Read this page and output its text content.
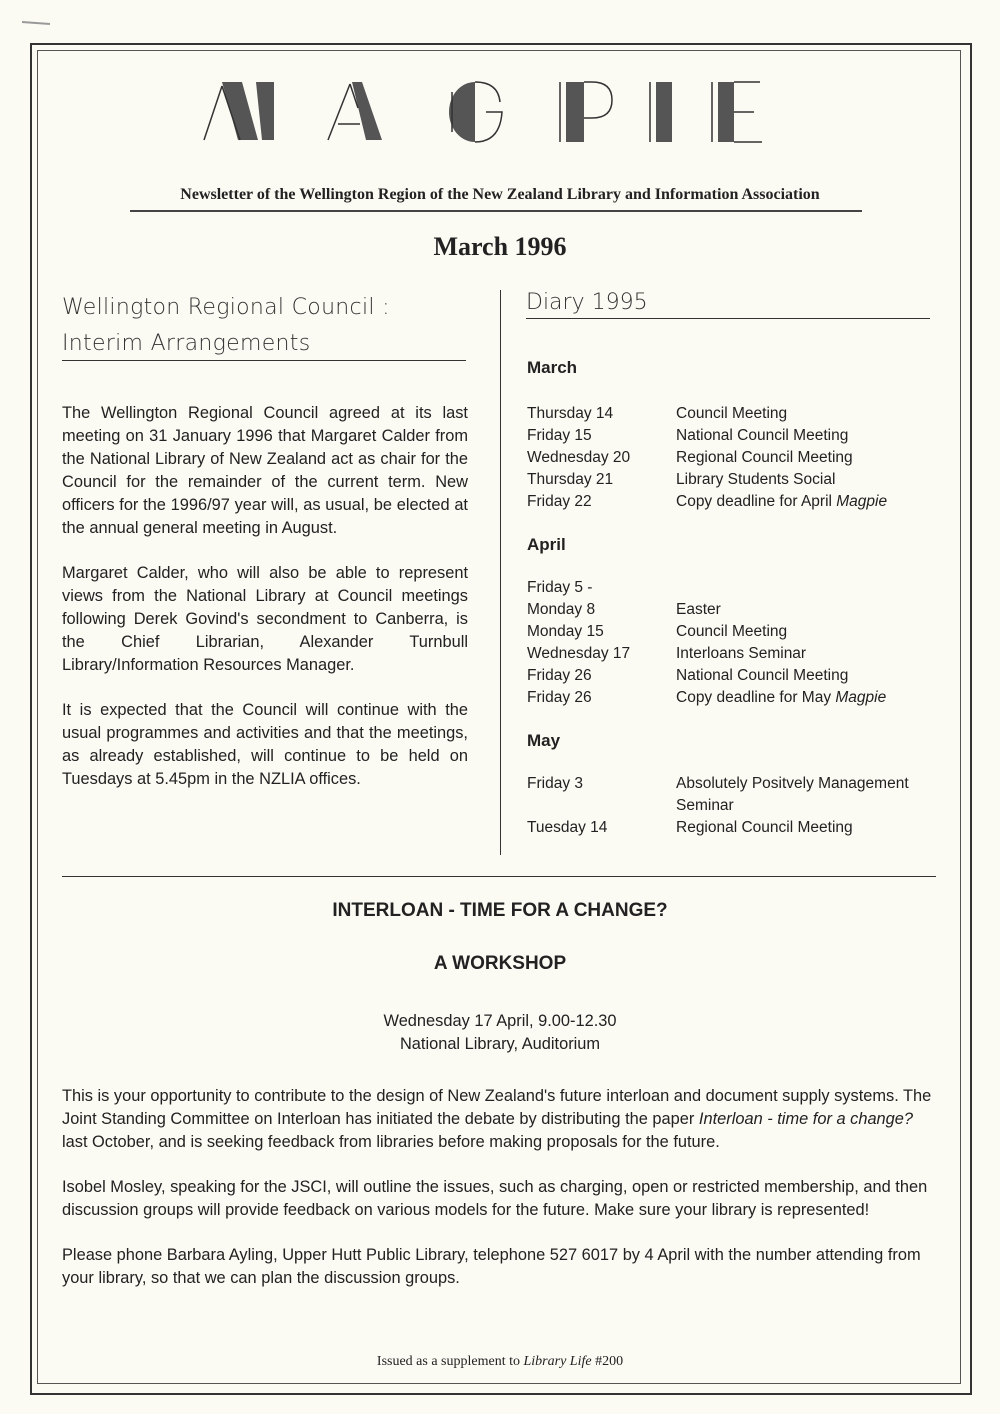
Newsletter of the Wellington Region of the New Zealand Library and Information Association
March 1996
Wellington Regional Council :
Interim Arrangements

The Wellington Regional Council agreed at its last meeting on 31 January 1996 that Margaret Calder from the National Library of New Zealand act as chair for the Council for the remainder of the current term. New officers for the 1996/97 year will, as usual, be elected at the annual general meeting in August.

Margaret Calder, who will also be able to represent views from the National Library at Council meetings following Derek Govind's secondment to Canberra, is the Chief Librarian, Alexander Turnbull Library/Information Resources Manager.

It is expected that the Council will continue with the usual programmes and activities and that the meetings, as already established, will continue to be held on Tuesdays at 5.45pm in the NZLIA offices.

Diary 1995
March
Thursday 14	Council Meeting
Friday 15	National Council Meeting
Wednesday 20	Regional Council Meeting
Thursday 21	Library Students Social
Friday 22	Copy deadline for April Magpie
April
Friday 5 -
Monday 8	Easter
Monday 15	Council Meeting
Wednesday 17	Interloans Seminar
Friday 26	National Council Meeting
Friday 26	Copy deadline for May Magpie
May
Friday 3	Absolutely Positvely Management Seminar
Tuesday 14	Regional Council Meeting
INTERLOAN - TIME FOR A CHANGE?
A WORKSHOP
Wednesday 17 April, 9.00-12.30
National Library, Auditorium

This is your opportunity to contribute to the design of New Zealand's future interloan and document supply systems. The Joint Standing Committee on Interloan has initiated the debate by distributing the paper Interloan - time for a change? last October, and is seeking feedback from libraries before making proposals for the future.

Isobel Mosley, speaking for the JSCI, will outline the issues, such as charging, open or restricted membership, and then discussion groups will provide feedback on various models for the future. Make sure your library is represented!

Please phone Barbara Ayling, Upper Hutt Public Library, telephone 527 6017 by 4 April with the number attending from your library, so that we can plan the discussion groups.

Issued as a supplement to Library Life #200
